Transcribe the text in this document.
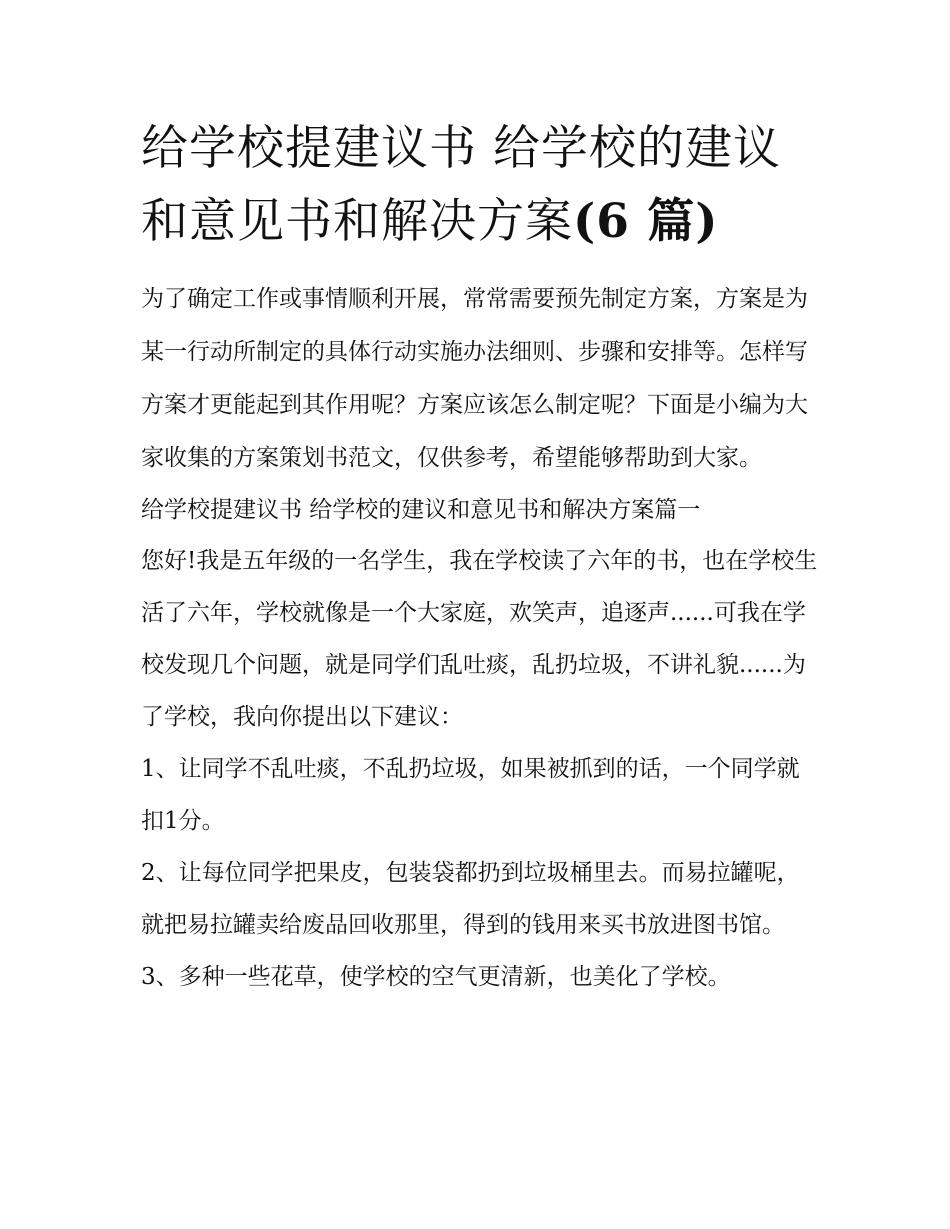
给学校提建议书 给学校的建议
和意见书和解决方案(6 篇)

为了确定工作或事情顺利开展，常常需要预先制定方案，方案是为某一行动所制定的具体行动实施办法细则、步骤和安排等。怎样写方案才更能起到其作用呢？方案应该怎么制定呢？下面是小编为大家收集的方案策划书范文，仅供参考，希望能够帮助到大家。

给学校提建议书 给学校的建议和意见书和解决方案篇一

您好!我是五年级的一名学生，我在学校读了六年的书，也在学校生活了六年，学校就像是一个大家庭，欢笑声，追逐声......可我在学校发现几个问题，就是同学们乱吐痰，乱扔垃圾，不讲礼貌......为了学校，我向你提出以下建议：

1、让同学不乱吐痰，不乱扔垃圾，如果被抓到的话，一个同学就扣1分。

2、让每位同学把果皮，包装袋都扔到垃圾桶里去。而易拉罐呢，就把易拉罐卖给废品回收那里，得到的钱用来买书放进图书馆。

3、多种一些花草，使学校的空气更清新，也美化了学校。
